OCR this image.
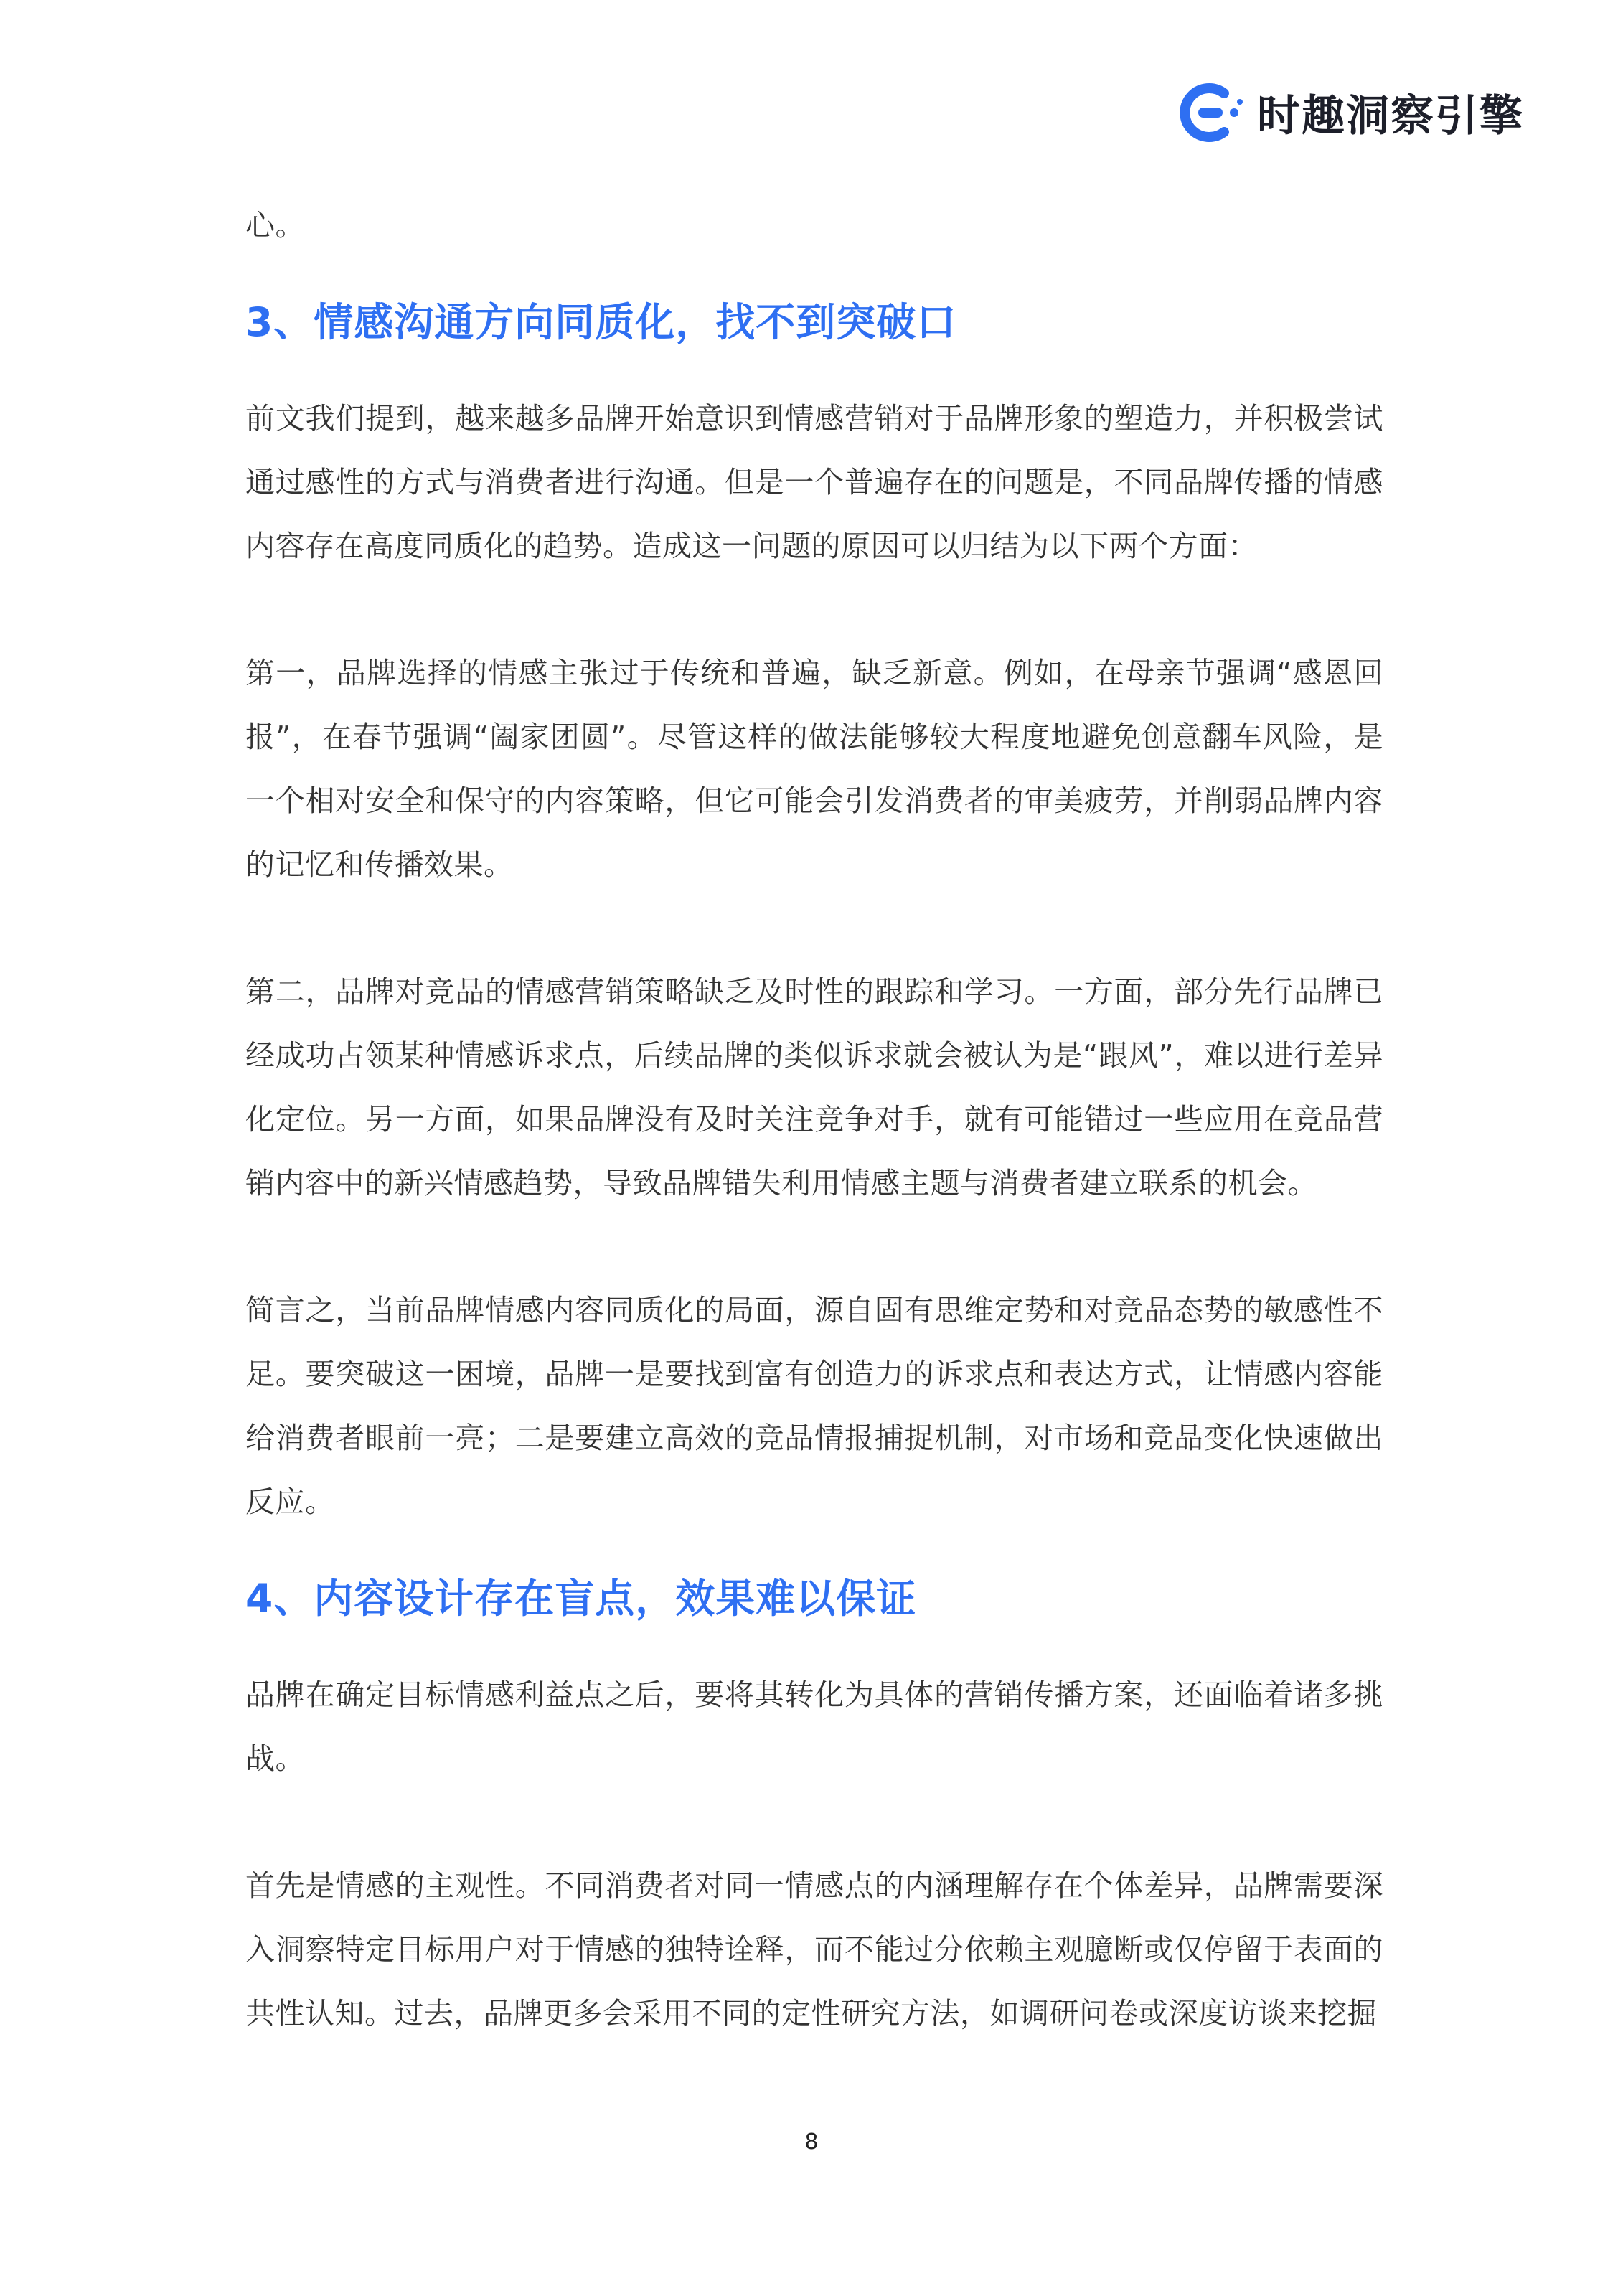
时趣洞察引擎

心。

3、情感沟通方向同质化，找不到突破口

前文我们提到，越来越多品牌开始意识到情感营销对于品牌形象的塑造力，并积极尝试通过感性的方式与消费者进行沟通。但是一个普遍存在的问题是，不同品牌传播的情感内容存在高度同质化的趋势。造成这一问题的原因可以归结为以下两个方面：

第一，品牌选择的情感主张过于传统和普遍，缺乏新意。例如，在母亲节强调“感恩回报”，在春节强调“阖家团圆”。尽管这样的做法能够较大程度地避免创意翻车风险，是一个相对安全和保守的内容策略，但它可能会引发消费者的审美疲劳，并削弱品牌内容的记忆和传播效果。

第二，品牌对竞品的情感营销策略缺乏及时性的跟踪和学习。一方面，部分先行品牌已经成功占领某种情感诉求点，后续品牌的类似诉求就会被认为是“跟风”，难以进行差异化定位。另一方面，如果品牌没有及时关注竞争对手，就有可能错过一些应用在竞品营销内容中的新兴情感趋势，导致品牌错失利用情感主题与消费者建立联系的机会。

简言之，当前品牌情感内容同质化的局面，源自固有思维定势和对竞品态势的敏感性不足。要突破这一困境，品牌一是要找到富有创造力的诉求点和表达方式，让情感内容能给消费者眼前一亮；二是要建立高效的竞品情报捕捉机制，对市场和竞品变化快速做出反应。

4、内容设计存在盲点，效果难以保证

品牌在确定目标情感利益点之后，要将其转化为具体的营销传播方案，还面临着诸多挑战。

首先是情感的主观性。不同消费者对同一情感点的内涵理解存在个体差异，品牌需要深入洞察特定目标用户对于情感的独特诠释，而不能过分依赖主观臆断或仅停留于表面的共性认知。过去，品牌更多会采用不同的定性研究方法，如调研问卷或深度访谈来挖掘

8
